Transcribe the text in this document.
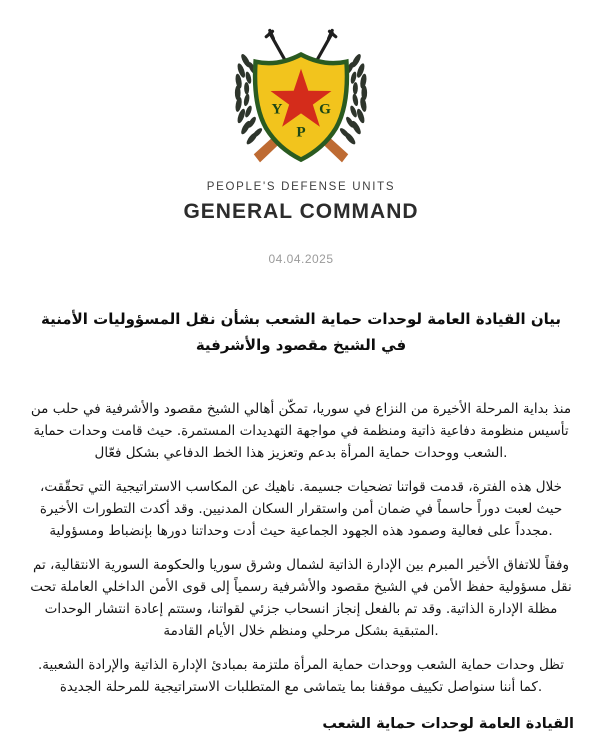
Y G
P
PEOPLE'S DEFENSE UNITS
GENERAL COMMAND
04.04.2025
بيان القيادة العامة لوحدات حماية الشعب بشأن نقل المسؤوليات الأمنية في الشيخ مقصود والأشرفية

منذ بداية المرحلة الأخيرة من النزاع في سوريا، تمكّن أهالي الشيخ مقصود والأشرفية في حلب من تأسيس منظومة دفاعية ذاتية ومنظمة في مواجهة التهديدات المستمرة. حيث قامت وحدات حماية الشعب ووحدات حماية المرأة بدعم وتعزيز هذا الخط الدفاعي بشكل فعّال.

خلال هذه الفترة، قدمت قواتنا تضحيات جسيمة. ناهيك عن المكاسب الاستراتيجية التي تحقّقت، حيث لعبت دوراً حاسماً في ضمان أمن واستقرار السكان المدنيين. وقد أكدت التطورات الأخيرة مجدداً على فعالية وصمود هذه الجهود الجماعية حيث أدت وحداتنا دورها بإنضباط ومسؤولية.

وفقاً للاتفاق الأخير المبرم بين الإدارة الذاتية لشمال وشرق سوريا والحكومة السورية الانتقالية، تم نقل مسؤولية حفظ الأمن في الشيخ مقصود والأشرفية رسمياً إلى قوى الأمن الداخلي العاملة تحت مظلة الإدارة الذاتية. وقد تم بالفعل إنجاز انسحاب جزئي لقواتنا، وستتم إعادة انتشار الوحدات المتبقية بشكل مرحلي ومنظم خلال الأيام القادمة.

تظل وحدات حماية الشعب ووحدات حماية المرأة ملتزمة بمبادئ الإدارة الذاتية والإرادة الشعبية. كما أننا سنواصل تكييف موقفنا بما يتماشى مع المتطلبات الاستراتيجية للمرحلة الجديدة.

القيادة العامة لوحدات حماية الشعب
